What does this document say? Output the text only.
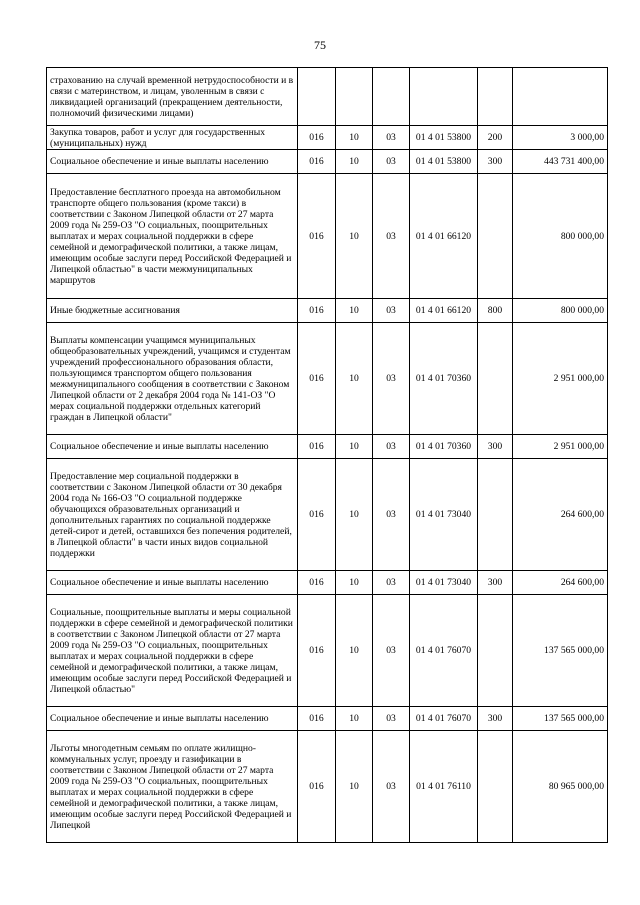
75
страхованию на случай временной нетрудоспособности и в связи с материнством, и лицам, уволенным в связи с ликвидацией организаций (прекращением деятельности, полномочий физическими лицами)						
Закупка товаров, работ и услуг для государственных (муниципальных) нужд	016	10	03	01 4 01 53800	200	3 000,00
Социальное обеспечение и иные выплаты населению	016	10	03	01 4 01 53800	300	443 731 400,00
Предоставление бесплатного проезда на автомобильном транспорте общего пользования (кроме такси) в соответствии с Законом Липецкой области от 27 марта 2009 года № 259-ОЗ "О социальных, поощрительных выплатах и мерах социальной поддержки в сфере семейной и демографической политики, а также лицам, имеющим особые заслуги перед Российской Федерацией и Липецкой областью" в части межмуниципальных маршрутов	016	10	03	01 4 01 66120		800 000,00
Иные бюджетные ассигнования	016	10	03	01 4 01 66120	800	800 000,00
Выплаты компенсации учащимся муниципальных общеобразовательных учреждений, учащимся и студентам учреждений профессионального образования области, пользующимся транспортом общего пользования межмуниципального сообщения в соответствии с Законом Липецкой области от 2 декабря 2004 года № 141-ОЗ "О мерах социальной поддержки отдельных категорий граждан в Липецкой области"	016	10	03	01 4 01 70360		2 951 000,00
Социальное обеспечение и иные выплаты населению	016	10	03	01 4 01 70360	300	2 951 000,00
Предоставление мер социальной поддержки в соответствии с Законом Липецкой области от 30 декабря 2004 года № 166-ОЗ "О социальной поддержке обучающихся образовательных организаций и дополнительных гарантиях по социальной поддержке детей-сирот и детей, оставшихся без попечения родителей, в Липецкой области" в части иных видов социальной поддержки	016	10	03	01 4 01 73040		264 600,00
Социальное обеспечение и иные выплаты населению	016	10	03	01 4 01 73040	300	264 600,00
Социальные, поощрительные выплаты и меры социальной поддержки в сфере семейной и демографической политики в соответствии с Законом Липецкой области от 27 марта 2009 года № 259-ОЗ "О социальных, поощрительных выплатах и мерах социальной поддержки в сфере семейной и демографической политики, а также лицам, имеющим особые заслуги перед Российской Федерацией и Липецкой областью"	016	10	03	01 4 01 76070		137 565 000,00
Социальное обеспечение и иные выплаты населению	016	10	03	01 4 01 76070	300	137 565 000,00
Льготы многодетным семьям по оплате жилищно-коммунальных услуг, проезду и газификации в соответствии с Законом Липецкой области от 27 марта 2009 года № 259-ОЗ "О социальных, поощрительных выплатах и мерах социальной поддержки в сфере семейной и демографической политики, а также лицам, имеющим особые заслуги перед Российской Федерацией и Липецкой	016	10	03	01 4 01 76110		80 965 000,00
